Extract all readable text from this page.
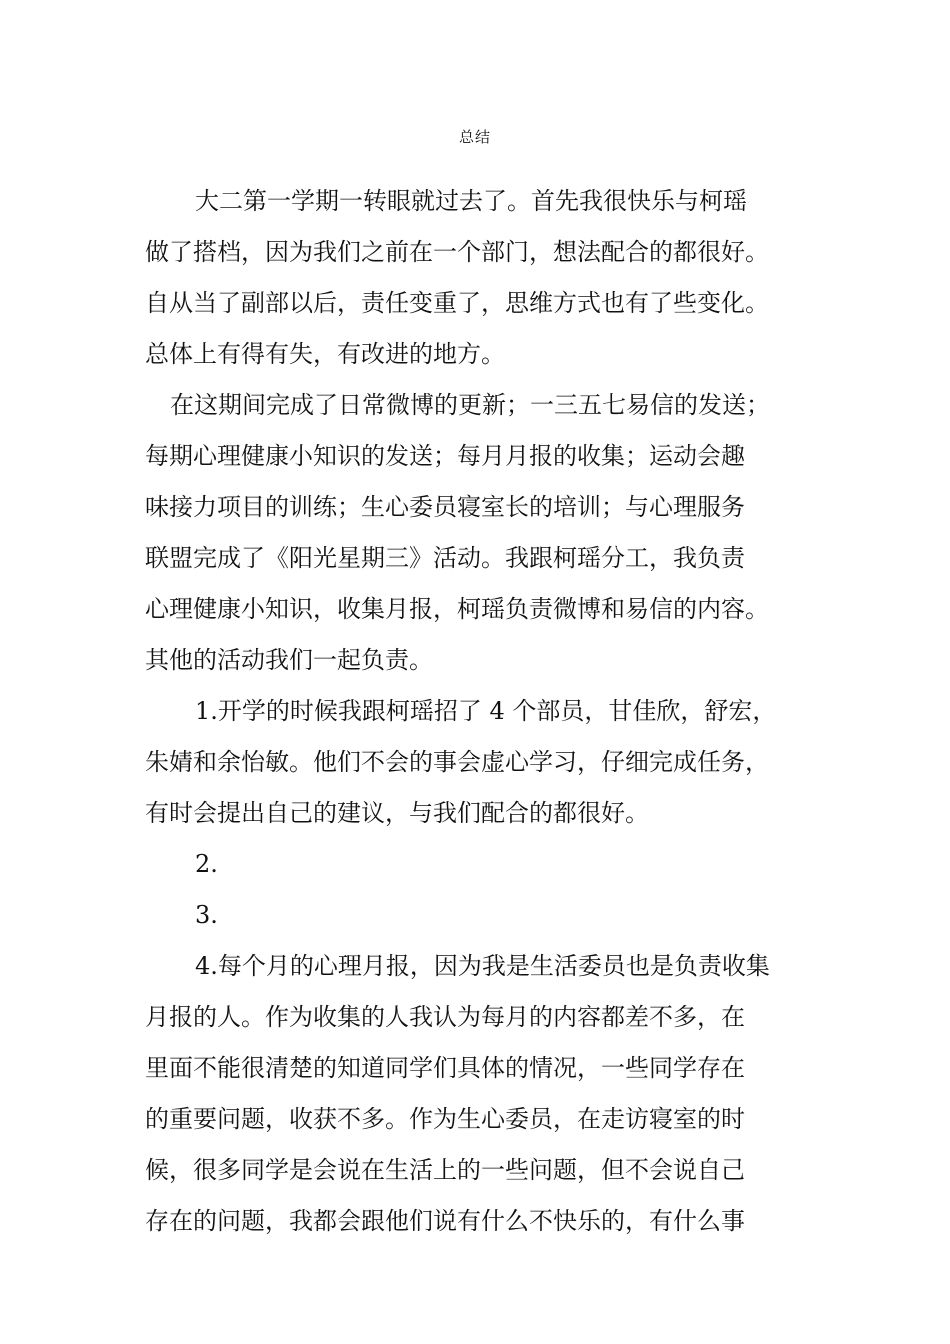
总结
大二第一学期一转眼就过去了。首先我很快乐与柯瑶
做了搭档，因为我们之前在一个部门，想法配合的都很好。
自从当了副部以后，责任变重了，思维方式也有了些变化。
总体上有得有失，有改进的地方。
在这期间完成了日常微博的更新；一三五七易信的发送；
每期心理健康小知识的发送；每月月报的收集；运动会趣
味接力项目的训练；生心委员寝室长的培训；与心理服务
联盟完成了《阳光星期三》活动。我跟柯瑶分工，我负责
心理健康小知识，收集月报，柯瑶负责微博和易信的内容。
其他的活动我们一起负责。
1.开学的时候我跟柯瑶招了 4 个部员，甘佳欣，舒宏，
朱婧和余怡敏。他们不会的事会虚心学习，仔细完成任务，
有时会提出自己的建议，与我们配合的都很好。
2.
3.
4.每个月的心理月报，因为我是生活委员也是负责收集
月报的人。作为收集的人我认为每月的内容都差不多，在
里面不能很清楚的知道同学们具体的情况，一些同学存在
的重要问题，收获不多。作为生心委员，在走访寝室的时
候，很多同学是会说在生活上的一些问题，但不会说自己
存在的问题，我都会跟他们说有什么不快乐的，有什么事
